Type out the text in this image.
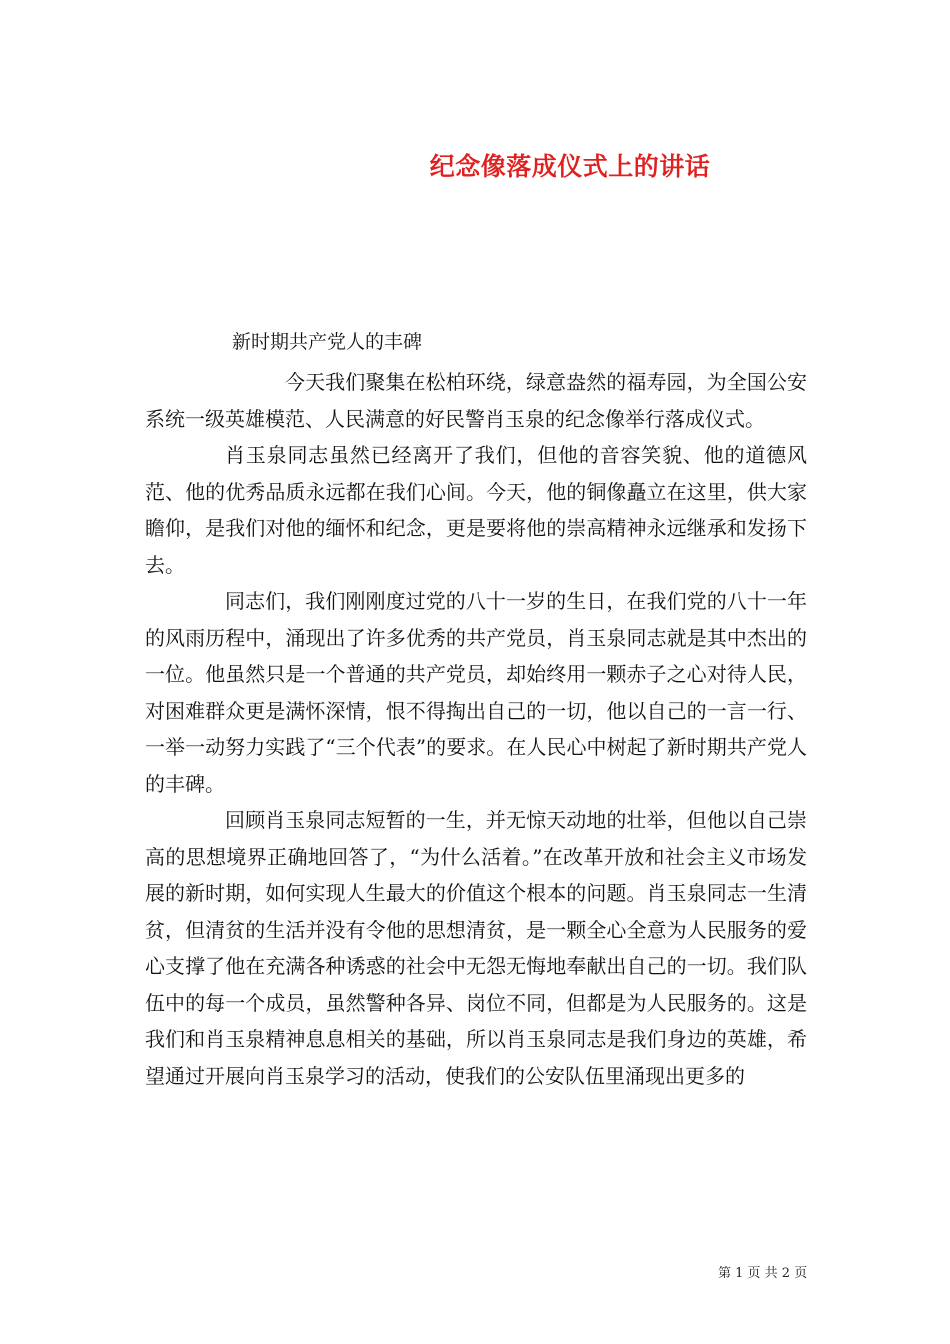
纪念像落成仪式上的讲话
新时期共产党人的丰碑

今天我们聚集在松柏环绕，绿意盎然的福寿园，为全国公安系统一级英雄模范、人民满意的好民警肖玉泉的纪念像举行落成仪式。

肖玉泉同志虽然已经离开了我们，但他的音容笑貌、他的道德风范、他的优秀品质永远都在我们心间。今天，他的铜像矗立在这里，供大家瞻仰，是我们对他的缅怀和纪念，更是要将他的崇高精神永远继承和发扬下去。

同志们，我们刚刚度过党的八十一岁的生日，在我们党的八十一年的风雨历程中，涌现出了许多优秀的共产党员，肖玉泉同志就是其中杰出的一位。他虽然只是一个普通的共产党员，却始终用一颗赤子之心对待人民，对困难群众更是满怀深情，恨不得掏出自己的一切，他以自己的一言一行、一举一动努力实践了“三个代表”的要求。在人民心中树起了新时期共产党人的丰碑。

回顾肖玉泉同志短暂的一生，并无惊天动地的壮举，但他以自己崇高的思想境界正确地回答了，“为什么活着。”在改革开放和社会主义市场发展的新时期，如何实现人生最大的价值这个根本的问题。肖玉泉同志一生清贫，但清贫的生活并没有令他的思想清贫，是一颗全心全意为人民服务的爱心支撑了他在充满各种诱惑的社会中无怨无悔地奉献出自己的一切。我们队伍中的每一个成员，虽然警种各异、岗位不同，但都是为人民服务的。这是我们和肖玉泉精神息息相关的基础，所以肖玉泉同志是我们身边的英雄，希望通过开展向肖玉泉学习的活动，使我们的公安队伍里涌现出更多的

第 1 页 共 2 页
